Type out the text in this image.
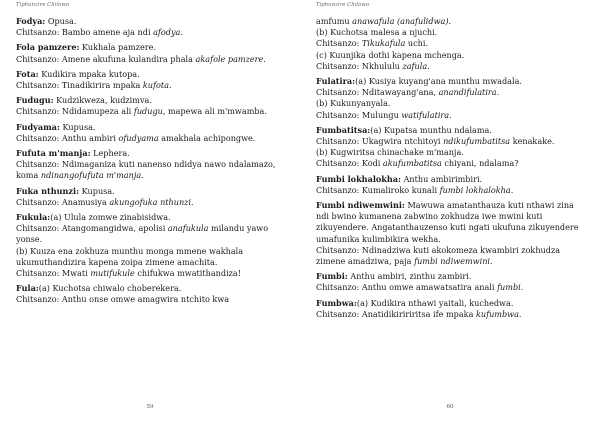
Tiphunzire Chilowo

Fodya: Opusa.

Chitsanzo: Bambo amene aja ndi afodya.

Fola pamzere: Kukhala pamzere.

Chitsanzo: Amene akufuna kulandira phala akafole pamzere.

Fota: Kudikira mpaka kutopa.

Chitsanzo: Tinadikirira mpaka kufota.

Fudugu: Kudzikweza, kudzimva.

Chitsanzo: Ndidamupeza ali fudugu, mapewa ali m'mwamba.

Fudyama: Kupusa.

Chitsanzo: Anthu ambiri ofudyama amakhala achipongwe.

Fufuta m'manja: Lephera.

Chitsanzo: Ndimaganiza kuti nanenso ndidya nawo ndalamazo, koma ndinangofufuta m'manja.

Fuka nthunzi: Kupusa.

Chitsanzo: Anamusiya akungofuka nthunzi.

Fukula:(a) Ulula zomwe zinabisidwa.

Chitsanzo: Atangomangidwa, apolisi anafukula milandu yawo yonse.

(b) Kuuza ena zokhuza munthu monga mmene wakhala ukumuthandizira kapena zoipa zimene amachita.

Chitsanzo: Mwati mutifukule chifukwa mwatithandiza!

Fula:(a) Kuchotsa chiwalo choberekera.

Chitsanzo: Anthu onse omwe amagwira ntchito kwa

59
Tiphunzire Chilowo

amfumu anawafula (anafulidwa).

(b) Kuchotsa malesa a njuchi.

Chitsanzo: Tikukafula uchi.

(c) Kuunjika dothi kapena mchenga.

Chitsanzo: Nkhululu zafula.

Fulatira:(a) Kusiya kuyang'ana munthu mwadala.

Chitsanzo: Nditawayang'ana, anandifulatira.

(b) Kukunyanyala.

Chitsanzo: Mulungu watifulatira.

Fumbatitsa:(a) Kupatsa munthu ndalama.

Chitsanzo: Ukagwira ntchitoyi ndikufumbatitsa kenakake.

(b) Kugwiritsa chinachake m'manja.

Chitsanzo: Kodi akufumbatitsa chiyani, ndalama?

Fumbi lokhalokha: Anthu ambirimbiri.

Chitsanzo: Kumaliroko kunali fumbi lokhalokha.

Fumbi ndiwemwini: Mawuwa amatanthauza kuti nthawi zina ndi bwino kumanena zabwino zokhudza iwe mwini kuti zikuyendere. Angatanthauzenso kuti ngati ukufuna zikuyendere umafunika kulimbikira wekha.

Chitsanzo: Ndinadziwa kuti akokomeza kwambiri zokhudza zimene amadziwa, paja fumbi ndiwemwini.

Fumbi: Anthu ambiri, zinthu zambiri.

Chitsanzo: Anthu omwe amawatsatira anali fumbi.

Fumbwa:(a) Kudikira nthawi yaitali, kuchedwa.

Chitsanzo: Anatidikiririritsa ife mpaka kufumbwa.

60
